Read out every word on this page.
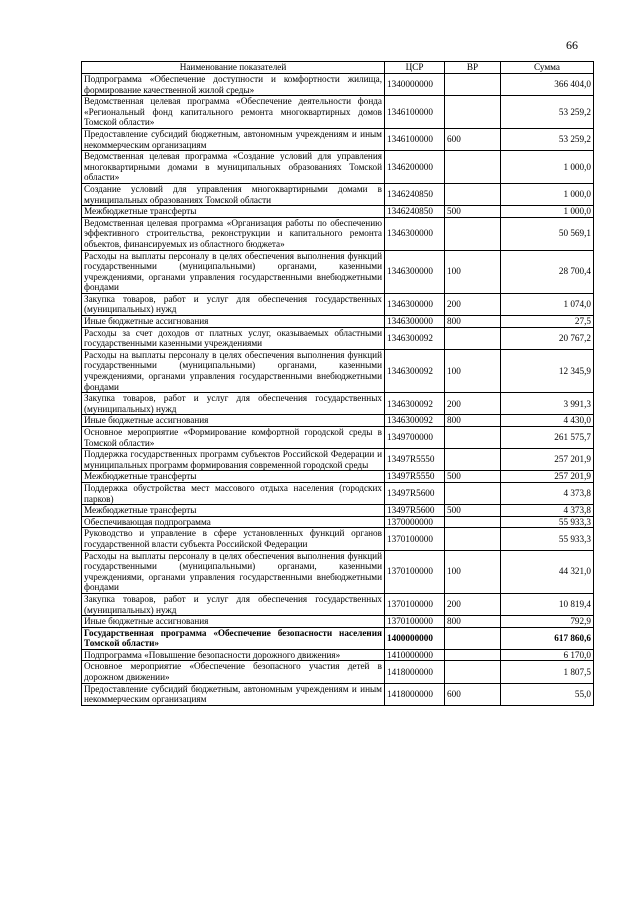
66
Наименование показателей	ЦСР	ВР	Сумма
Подпрограмма «Обеспечение доступности и комфортности жилища, формирование качественной жилой среды»	1340000000		366 404,0
Ведомственная целевая программа «Обеспечение деятельности фонда «Региональный фонд капитального ремонта многоквартирных домов Томской области»	1346100000		53 259,2
Предоставление субсидий бюджетным, автономным учреждениям и иным некоммерческим организациям	1346100000	600	53 259,2
Ведомственная целевая программа «Создание условий для управления многоквартирными домами в муниципальных образованиях Томской области»	1346200000		1 000,0
Создание условий для управления многоквартирными домами в муниципальных образованиях Томской области	1346240850		1 000,0
Межбюджетные трансферты	1346240850	500	1 000,0
Ведомственная целевая программа «Организация работы по обеспечению эффективного строительства, реконструкции и капитального ремонта объектов, финансируемых из областного бюджета»	1346300000		50 569,1
Расходы на выплаты персоналу в целях обеспечения выполнения функций государственными (муниципальными) органами, казенными учреждениями, органами управления государственными внебюджетными фондами	1346300000	100	28 700,4
Закупка товаров, работ и услуг для обеспечения государственных (муниципальных) нужд	1346300000	200	1 074,0
Иные бюджетные ассигнования	1346300000	800	27,5
Расходы за счет доходов от платных услуг, оказываемых областными государственными казенными учреждениями	1346300092		20 767,2
Расходы на выплаты персоналу в целях обеспечения выполнения функций государственными (муниципальными) органами, казенными учреждениями, органами управления государственными внебюджетными фондами	1346300092	100	12 345,9
Закупка товаров, работ и услуг для обеспечения государственных (муниципальных) нужд	1346300092	200	3 991,3
Иные бюджетные ассигнования	1346300092	800	4 430,0
Основное мероприятие «Формирование комфортной городской среды в Томской области»	1349700000		261 575,7
Поддержка государственных программ субъектов Российской Федерации и муниципальных программ формирования современной городской среды	13497R5550		257 201,9
Межбюджетные трансферты	13497R5550	500	257 201,9
Поддержка обустройства мест массового отдыха населения (городских парков)	13497R5600		4 373,8
Межбюджетные трансферты	13497R5600	500	4 373,8
Обеспечивающая подпрограмма	1370000000		55 933,3
Руководство и управление в сфере установленных функций органов государственной власти субъекта Российской Федерации	1370100000		55 933,3
Расходы на выплаты персоналу в целях обеспечения выполнения функций государственными (муниципальными) органами, казенными учреждениями, органами управления государственными внебюджетными фондами	1370100000	100	44 321,0
Закупка товаров, работ и услуг для обеспечения государственных (муниципальных) нужд	1370100000	200	10 819,4
Иные бюджетные ассигнования	1370100000	800	792,9
Государственная программа «Обеспечение безопасности населения Томской области»	1400000000		617 860,6
Подпрограмма «Повышение безопасности дорожного движения»	1410000000		6 170,0
Основное мероприятие «Обеспечение безопасного участия детей в дорожном движении»	1418000000		1 807,5
Предоставление субсидий бюджетным, автономным учреждениям и иным некоммерческим организациям	1418000000	600	55,0
